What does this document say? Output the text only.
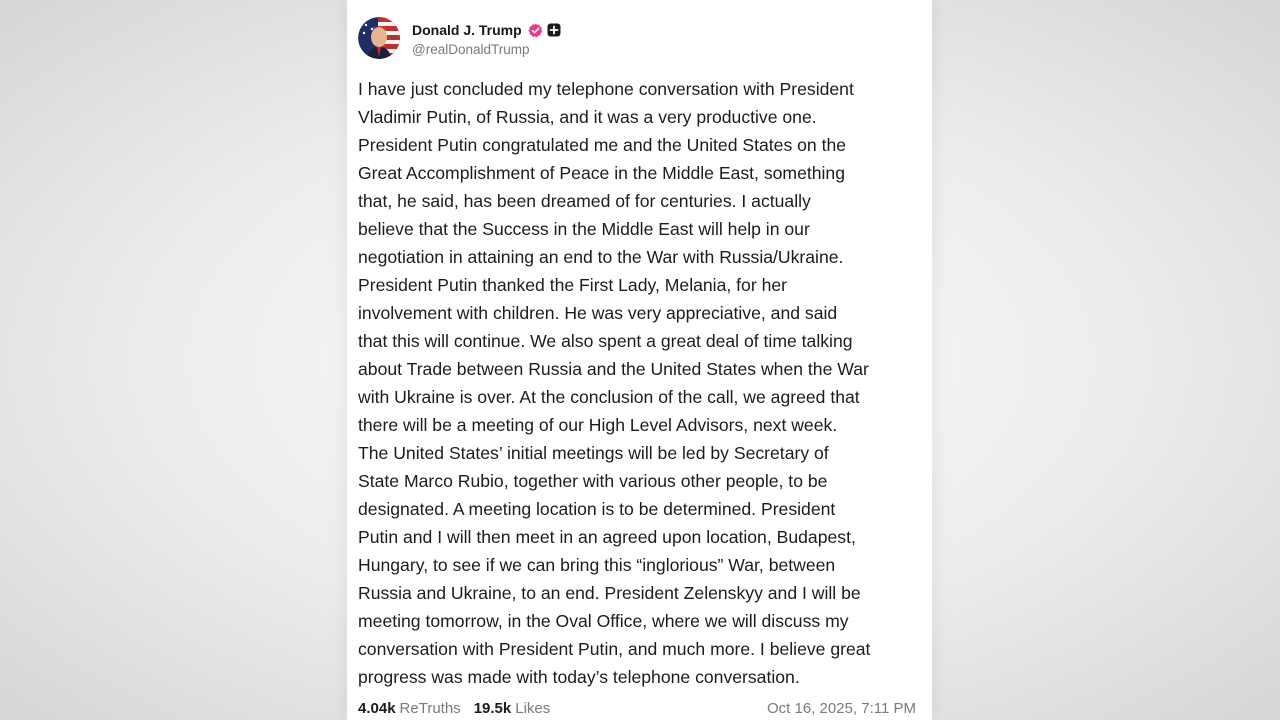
Donald J. Trump
@realDonaldTrump

I have just concluded my telephone conversation with President
Vladimir Putin, of Russia, and it was a very productive one.
President Putin congratulated me and the United States on the
Great Accomplishment of Peace in the Middle East, something
that, he said, has been dreamed of for centuries. I actually
believe that the Success in the Middle East will help in our
negotiation in attaining an end to the War with Russia/Ukraine.
President Putin thanked the First Lady, Melania, for her
involvement with children. He was very appreciative, and said
that this will continue. We also spent a great deal of time talking
about Trade between Russia and the United States when the War
with Ukraine is over. At the conclusion of the call, we agreed that
there will be a meeting of our High Level Advisors, next week.
The United States’ initial meetings will be led by Secretary of
State Marco Rubio, together with various other people, to be
designated. A meeting location is to be determined. President
Putin and I will then meet in an agreed upon location, Budapest,
Hungary, to see if we can bring this “inglorious” War, between
Russia and Ukraine, to an end. President Zelenskyy and I will be
meeting tomorrow, in the Oval Office, where we will discuss my
conversation with President Putin, and much more. I believe great
progress was made with today’s telephone conversation.

4.04k ReTruths 19.5k Likes	Oct 16, 2025, 7:11 PM
